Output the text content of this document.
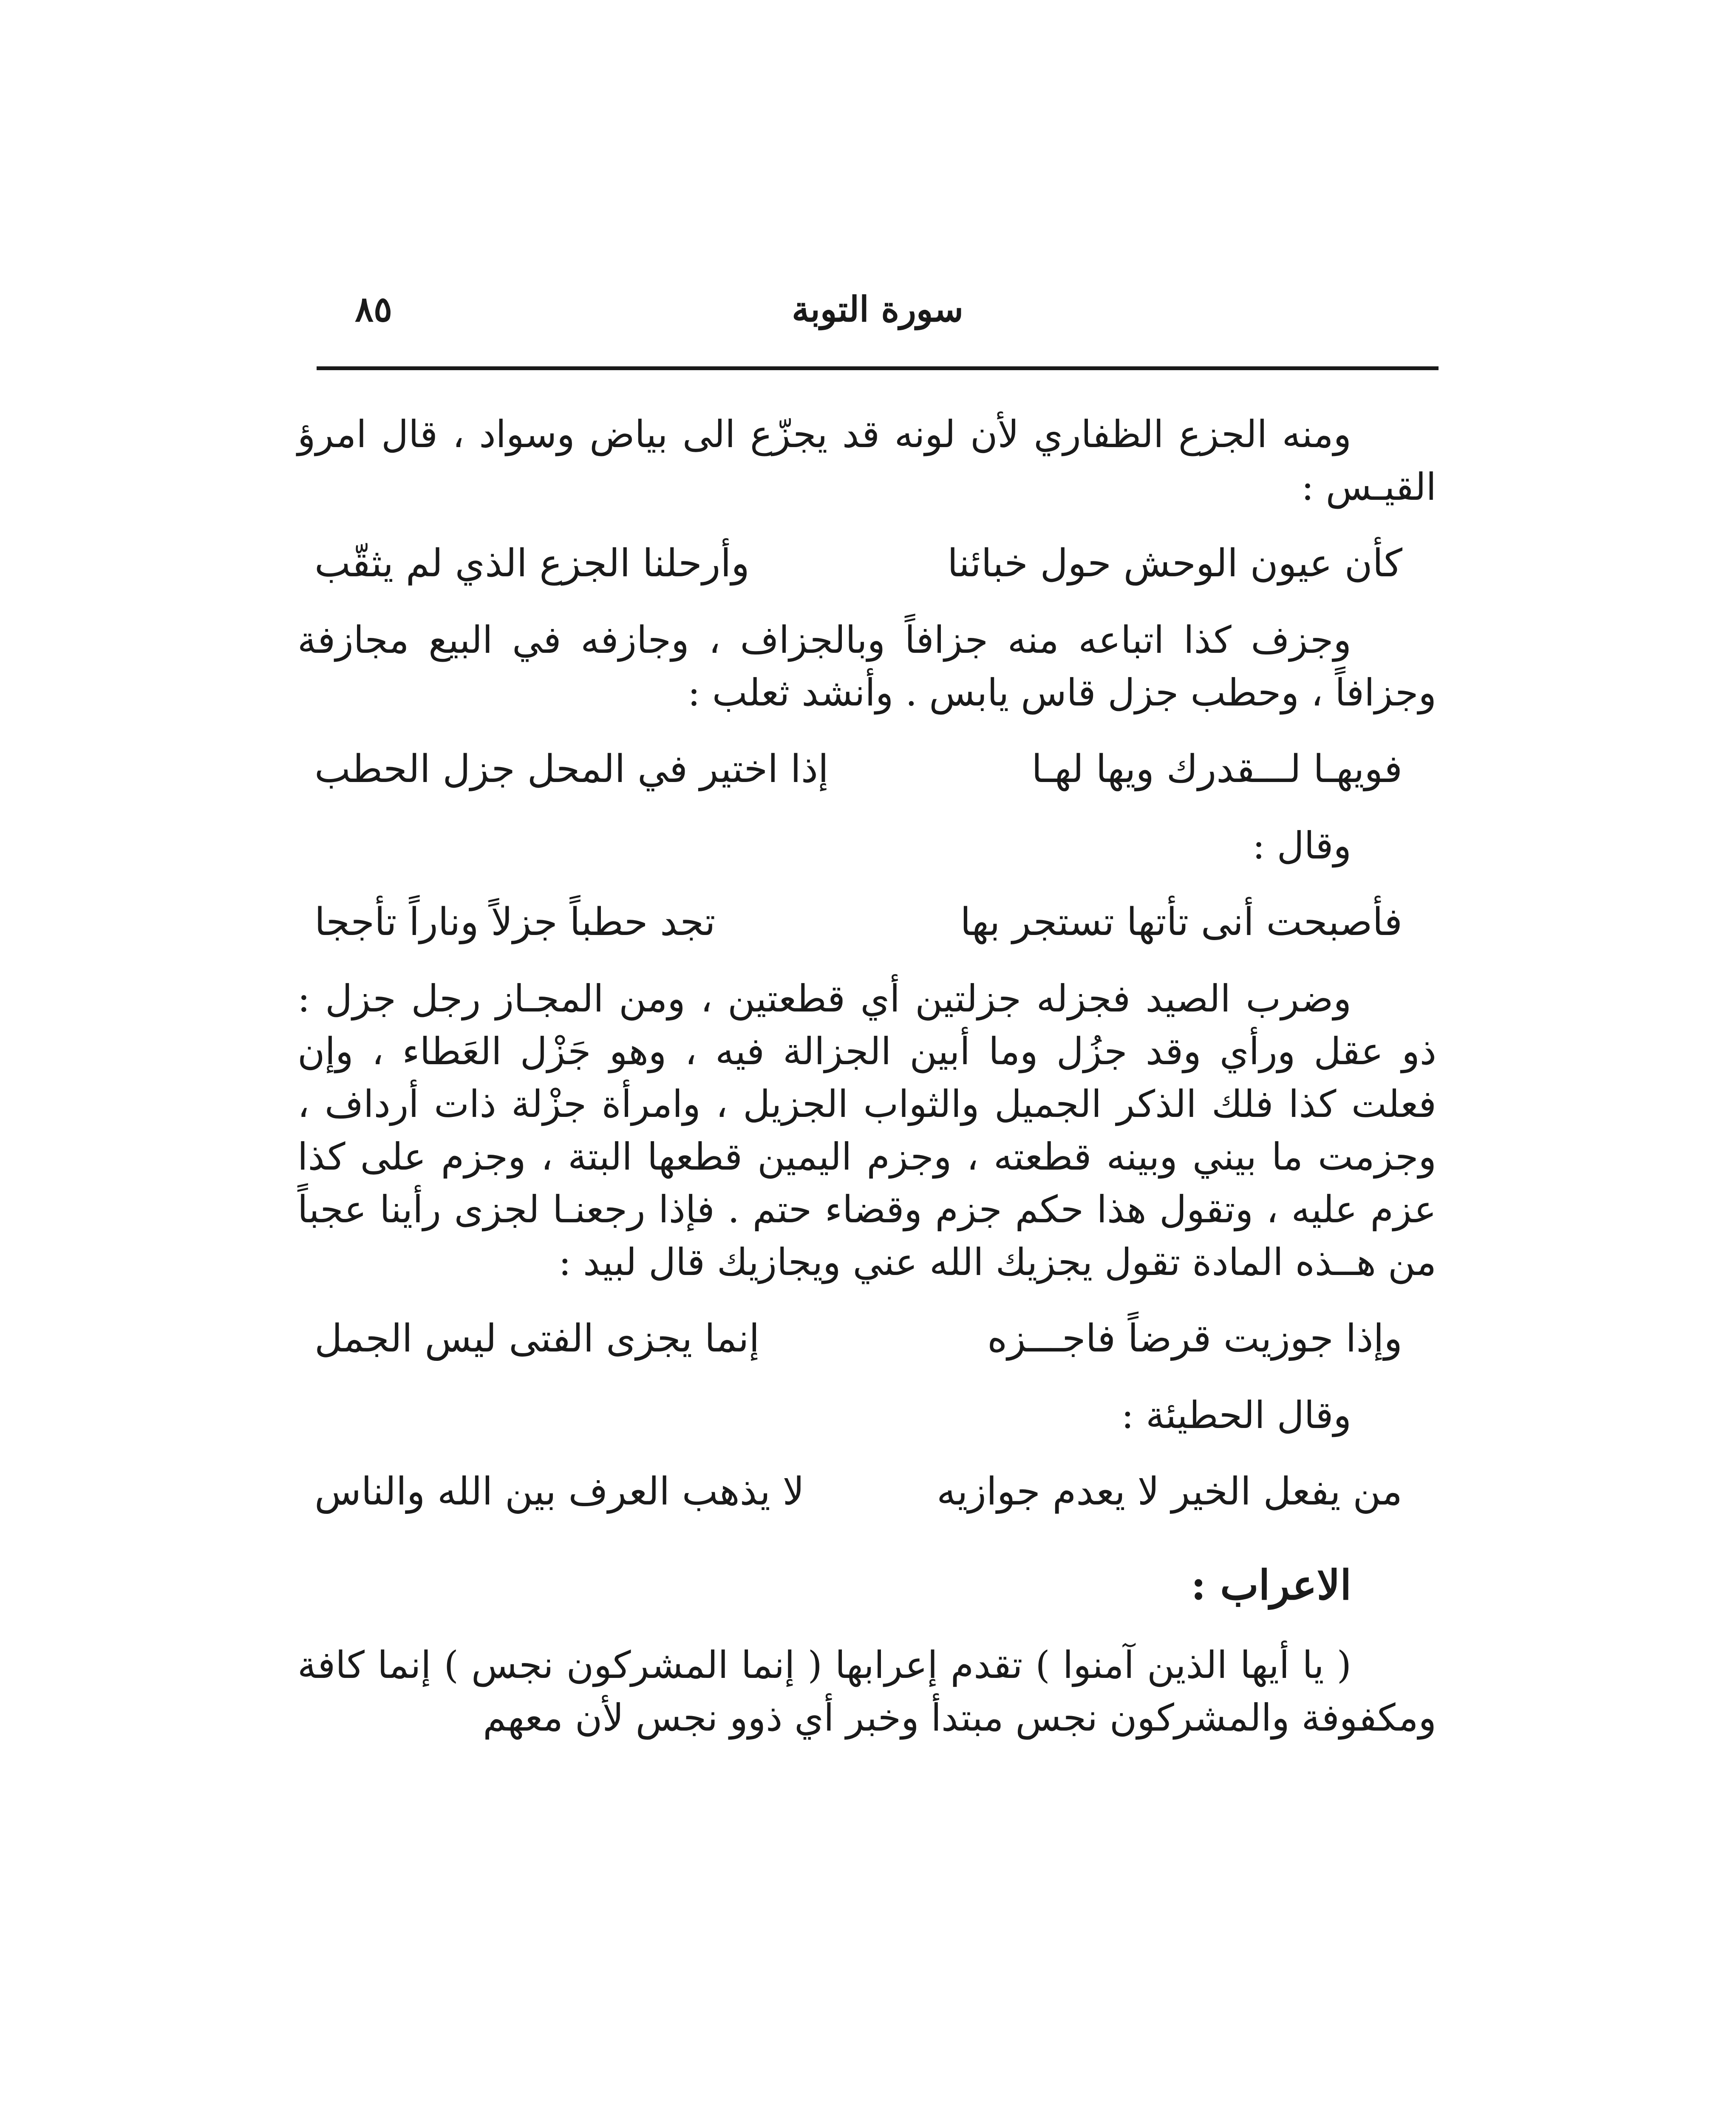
سورة التوبة
٨٥

ومنه الجزع الظفاري لأن لونه قد يجزّع الى بياض وسواد ، قال امرؤ القيـس :

كأن عيون الوحش حول خبائنا
وأرحلنا الجزع الذي لم يثقّب

وجزف كذا اتباعه منه جزافاً وبالجزاف ، وجازفه في البيع مجازفة وجزافاً ، وحطب جزل قاس يابس . وأنشد ثعلب :

فويهـا لـــقدرك ويها لهـا
إذا اختير في المحل جزل الحطب

وقال :

فأصبحت أنى تأتها تستجر بها
تجد حطباً جزلاً وناراً تأججا

وضرب الصيد فجزله جزلتين أي قطعتين ، ومن المجـاز رجل جزل : ذو عقل ورأي وقد جزُل وما أبين الجزالة فيه ، وهو جَزْل العَطاء ، وإن فعلت كذا فلك الذكر الجميل والثواب الجزيل ، وامرأة جزْلة ذات أرداف ، وجزمت ما بيني وبينه قطعته ، وجزم اليمين قطعها البتة ، وجزم على كذا عزم عليه ، وتقول هذا حكم جزم وقضاء حتم . فإذا رجعنـا لجزى رأينا عجباً من هــذه المادة تقول يجزيك الله عني ويجازيك قال لبيد :

وإذا جوزيت قرضاً فاجـــزه
إنما يجزى الفتى ليس الجمل

وقال الحطيئة :

من يفعل الخير لا يعدم جوازيه
لا يذهب العرف بين الله والناس
الاعراب :

( يا أيها الذين آمنوا ) تقدم إعرابها ( إنما المشركون نجس ) إنما كافة ومكفوفة والمشركون نجس مبتدأ وخبر أي ذوو نجس لأن معهم
